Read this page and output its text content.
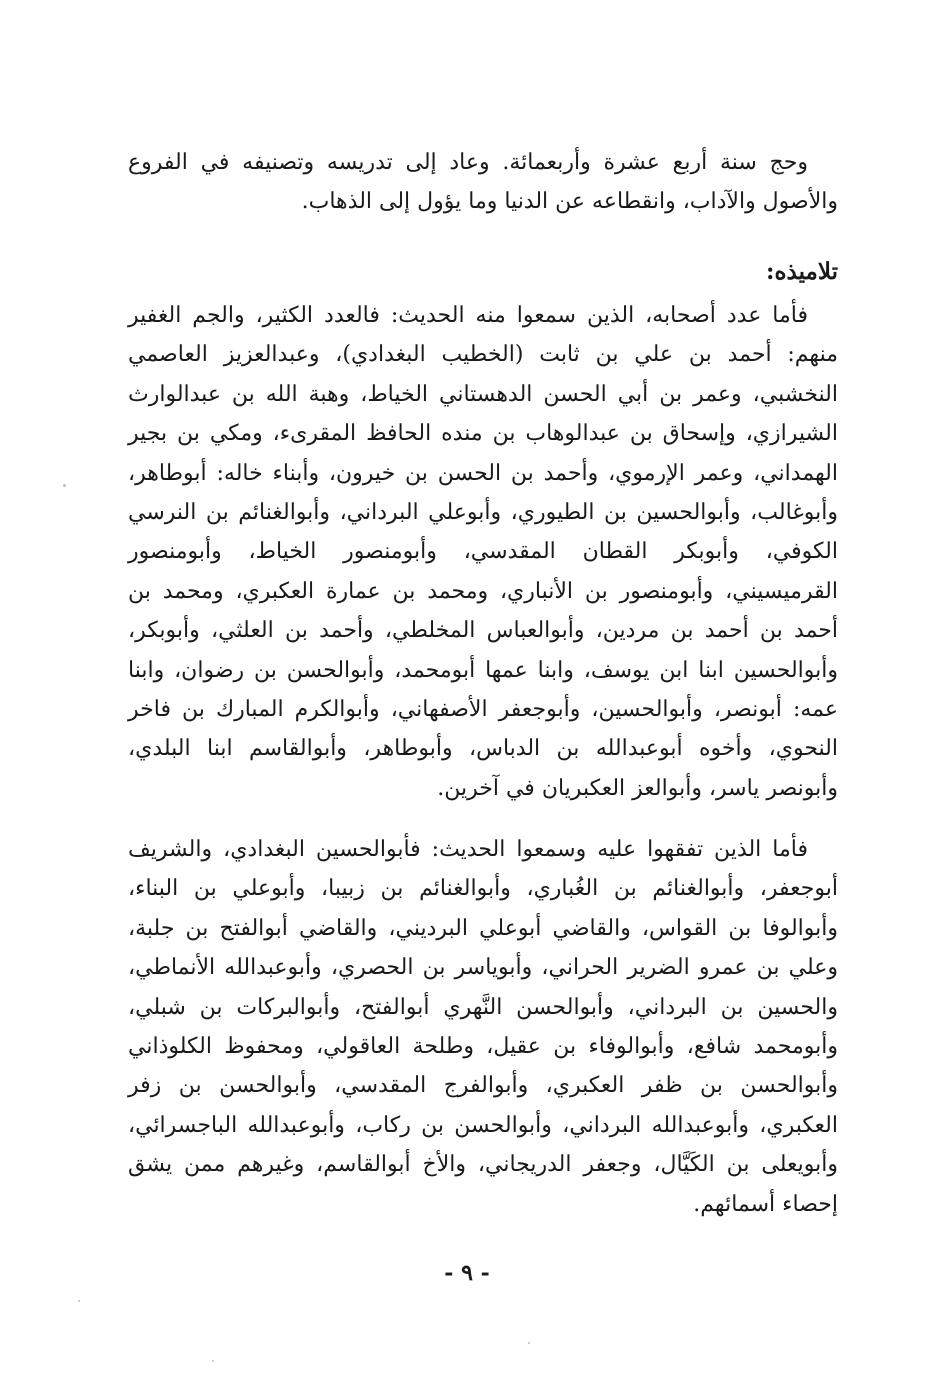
وحج سنة أربع عشرة وأربعمائة. وعاد إلى تدريسه وتصنيفه في الفروع والأصول والآداب، وانقطاعه عن الدنيا وما يؤول إلى الذهاب.

تلاميذه:

فأما عدد أصحابه، الذين سمعوا منه الحديث: فالعدد الكثير، والجم الغفير منهم: أحمد بن علي بن ثابت (الخطيب البغدادي)، وعبدالعزيز العاصمي النخشبي، وعمر بن أبي الحسن الدهستاني الخياط، وهبة الله بن عبدالوارث الشيرازي، وإسحاق بن عبدالوهاب بن منده الحافظ المقرىء، ومكي بن بجير الهمداني، وعمر الإرموي، وأحمد بن الحسن بن خيرون، وأبناء خاله: أبوطاهر، وأبوغالب، وأبوالحسين بن الطيوري، وأبوعلي البرداني، وأبوالغنائم بن النرسي الكوفي، وأبوبكر القطان المقدسي، وأبومنصور الخياط، وأبومنصور القرميسيني، وأبومنصور بن الأنباري، ومحمد بن عمارة العكبري، ومحمد بن أحمد بن أحمد بن مردين، وأبوالعباس المخلطي، وأحمد بن العلثي، وأبوبكر، وأبوالحسين ابنا ابن يوسف، وابنا عمها أبومحمد، وأبوالحسن بن رضوان، وابنا عمه: أبونصر، وأبوالحسين، وأبوجعفر الأصفهاني، وأبوالكرم المبارك بن فاخر النحوي، وأخوه أبوعبدالله بن الدباس، وأبوطاهر، وأبوالقاسم ابنا البلدي، وأبونصر ياسر، وأبوالعز العكبريان في آخرين.

فأما الذين تفقهوا عليه وسمعوا الحديث: فأبوالحسين البغدادي، والشريف أبوجعفر، وأبوالغنائم بن الغُباري، وأبوالغنائم بن زبيبا، وأبوعلي بن البناء، وأبوالوفا بن القواس، والقاضي أبوعلي البرديني، والقاضي أبوالفتح بن جلبة، وعلي بن عمرو الضرير الحراني، وأبوياسر بن الحصري، وأبوعبدالله الأنماطي، والحسين بن البرداني، وأبوالحسن النَّهري أبوالفتح، وأبوالبركات بن شبلي، وأبومحمد شافع، وأبوالوفاء بن عقيل، وطلحة العاقولي، ومحفوظ الكلوذاني وأبوالحسن بن ظفر العكبري، وأبوالفرج المقدسي، وأبوالحسن بن زفر العكبري، وأبوعبدالله البرداني، وأبوالحسن بن ركاب، وأبوعبدالله الباجسرائي، وأبويعلى بن الكَيَّال، وجعفر الدريجاني، والأخ أبوالقاسم، وغيرهم ممن يشق إحصاء أسمائهم.

- ٩ -
